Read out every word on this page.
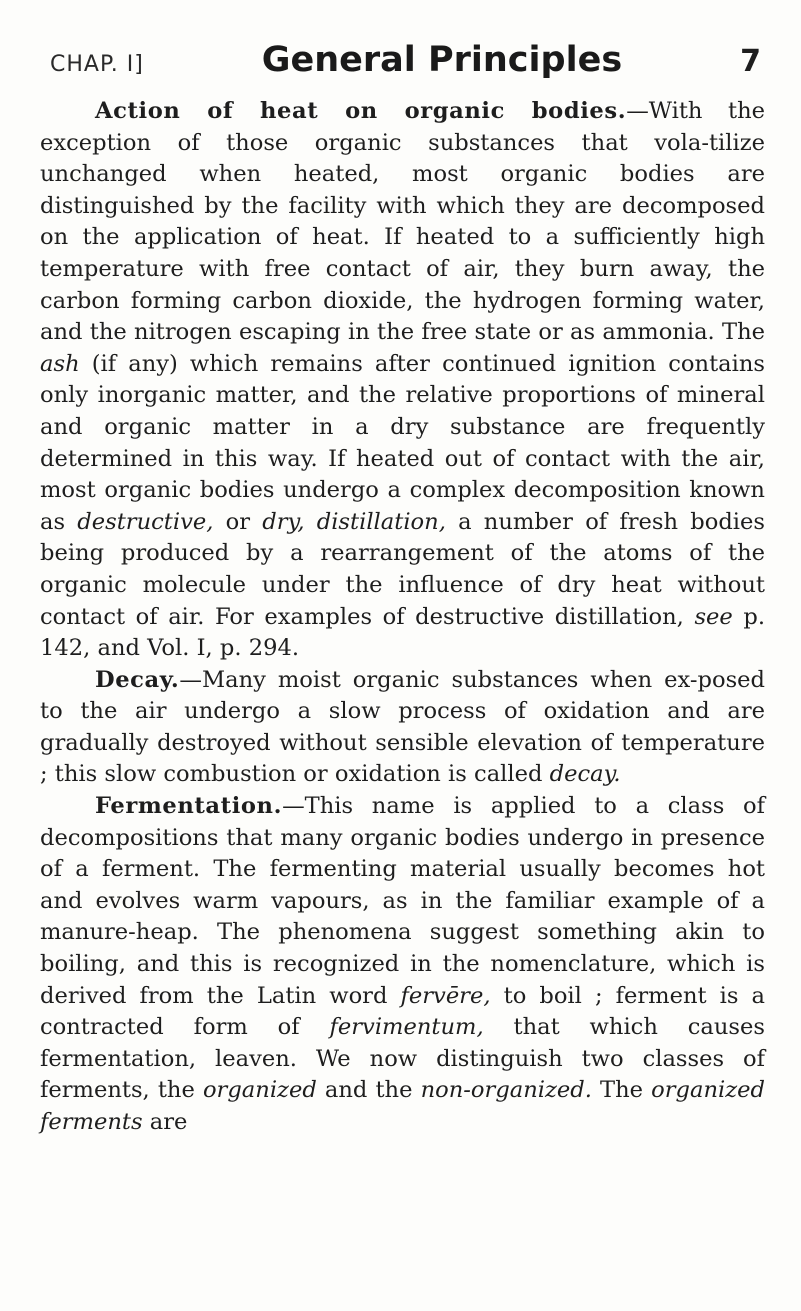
CHAP. I]	General Principles	7

Action of heat on organic bodies.—With the exception of those organic substances that vola-tilize unchanged when heated, most organic bodies are distinguished by the facility with which they are decomposed on the application of heat. If heated to a sufficiently high temperature with free contact of air, they burn away, the carbon forming carbon dioxide, the hydrogen forming water, and the nitrogen escaping in the free state or as ammonia. The ash (if any) which remains after continued ignition contains only inorganic matter, and the relative proportions of mineral and organic matter in a dry substance are frequently determined in this way. If heated out of contact with the air, most organic bodies undergo a complex decomposition known as destructive, or dry, distillation, a number of fresh bodies being produced by a rearrangement of the atoms of the organic molecule under the influence of dry heat without contact of air. For examples of destructive distillation, see p. 142, and Vol. I, p. 294.

Decay.—Many moist organic substances when ex-posed to the air undergo a slow process of oxidation and are gradually destroyed without sensible elevation of temperature ; this slow combustion or oxidation is called decay.

Fermentation.—This name is applied to a class of decompositions that many organic bodies undergo in presence of a ferment. The fermenting material usually becomes hot and evolves warm vapours, as in the familiar example of a manure-heap. The phenomena suggest something akin to boiling, and this is recognized in the nomenclature, which is derived from the Latin word fervēre, to boil ; ferment is a contracted form of fervimentum, that which causes fermentation, leaven. We now distinguish two classes of ferments, the organized and the non-organized. The organized ferments are
